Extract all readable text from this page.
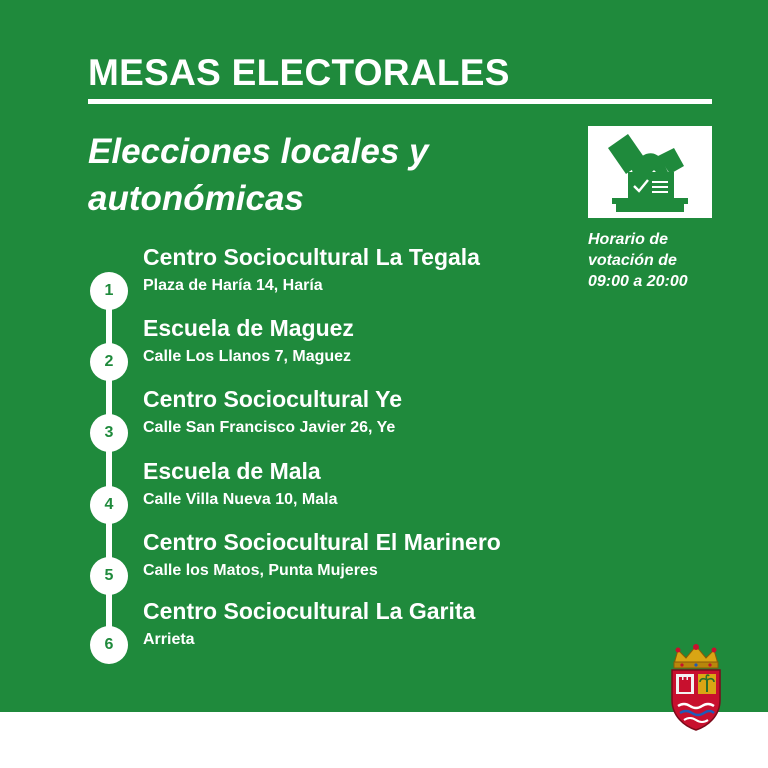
MESAS ELECTORALES
Elecciones locales y
autonómicas
Horario de
votación de
09:00 a 20:00
1

Centro Sociocultural La Tegala

Plaza de Haría 14, Haría

2

Escuela de Maguez

Calle Los Llanos 7, Maguez

3

Centro Sociocultural Ye

Calle San Francisco Javier 26, Ye

4

Escuela de Mala

Calle Villa Nueva 10, Mala

5

Centro Sociocultural El Marinero

Calle los Matos, Punta Mujeres

6

Centro Sociocultural La Garita

Arrieta
